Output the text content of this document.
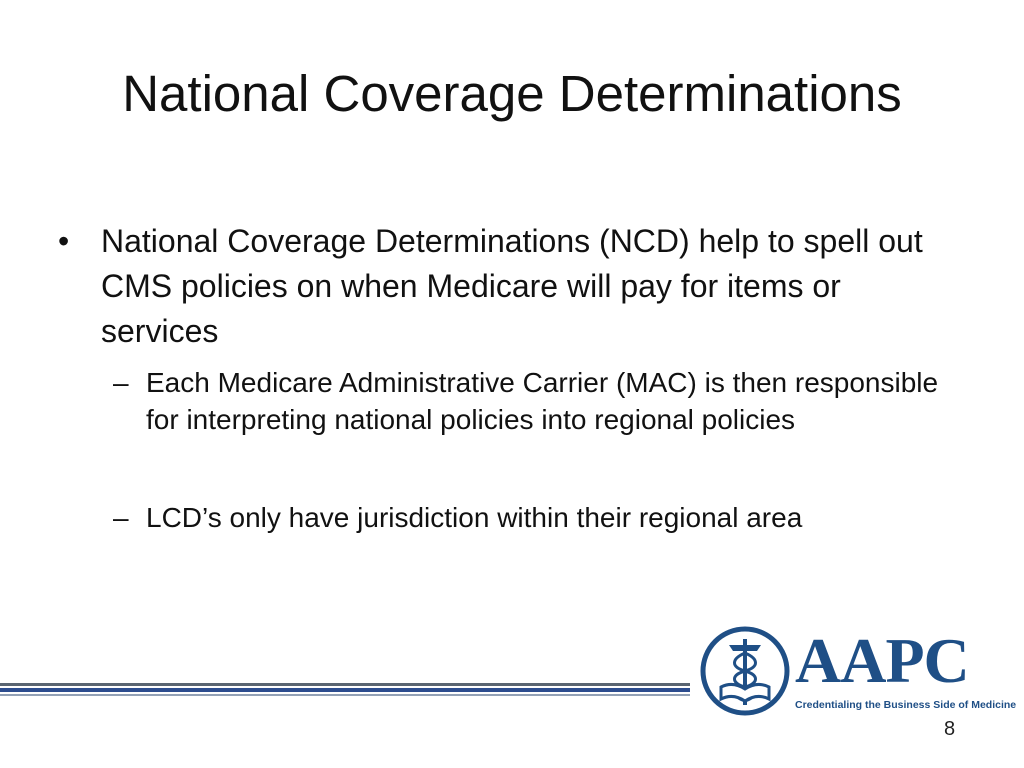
National Coverage Determinations
• National Coverage Determinations (NCD) help to spell out CMS policies on when Medicare will pay for items or services
– Each Medicare Administrative Carrier (MAC) is then responsible for interpreting national policies into regional policies
– LCD’s only have jurisdiction within their regional area
AAPC
Credentialing the Business Side of Medicine
8
